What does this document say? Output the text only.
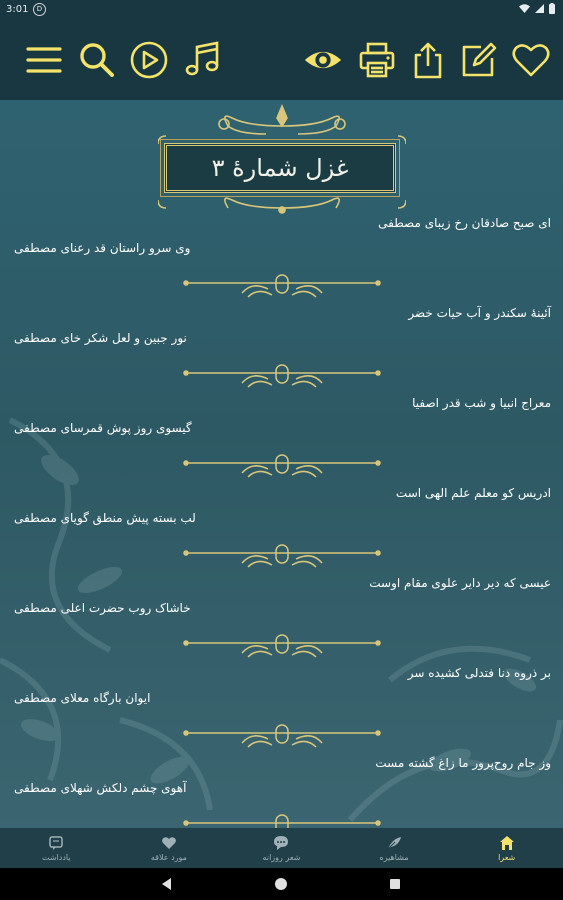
3:01	D
غزل شمارهٔ ۳
ای صبح صادقان رخ زیبای مصطفی
وی سرو راستان قد رعنای مصطفی
آئینهٔ سکندر و آب حیات خضر
نور جبین و لعل شکر خای مصطفی
معراج انبیا و شب قدر اصفیا
گیسوی روز پوش قمرسای مصطفی
ادریس کو معلم علم الهی است
لب بسته پیش منطق گویای مصطفی
عیسی که دیر دایر علوی مقام اوست
خاشاک روب حضرت اعلی مصطفی
بر ذروه دنا فتدلی کشیده سر
ایوان بارگاه معلای مصطفی
وز جام روح‌پرور ما زاغ گشته مست
آهوی چشم دلکش شهلای مصطفی
یادداشت	مورد علاقه	شعر روزانه	مشاهیره	شعرا
